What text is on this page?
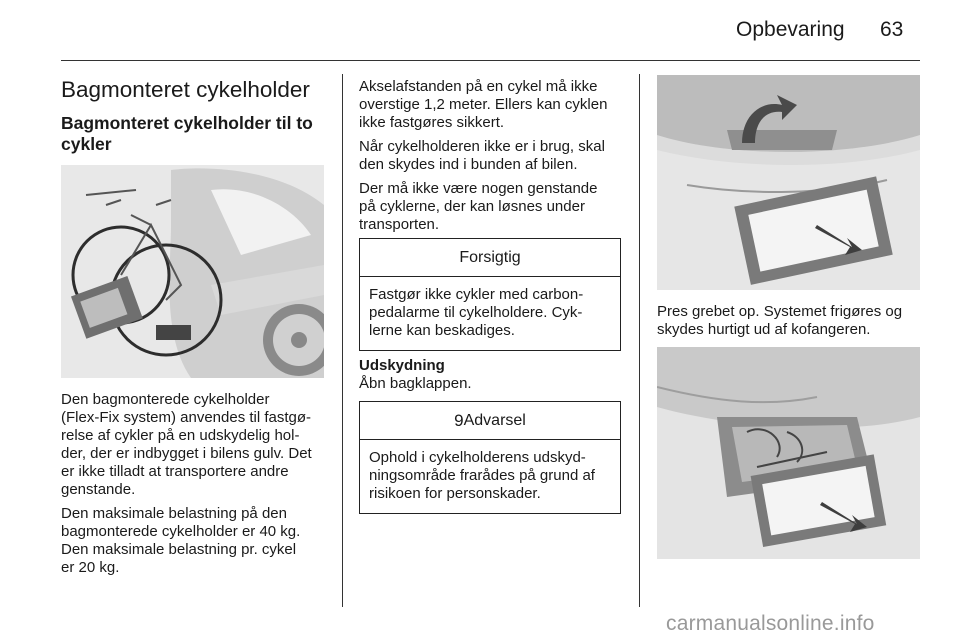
Opbevaring 63
Bagmonteret cykelholder
Bagmonteret cykelholder til to cykler

Den bagmonterede cykelholder
(Flex-Fix system) anvendes til fastgø-
relse af cykler på en udskydelig hol-
der, der er indbygget i bilens gulv. Det
er ikke tilladt at transportere andre
genstande.

Den maksimale belastning på den
bagmonterede cykelholder er 40 kg.
Den maksimale belastning pr. cykel
er 20 kg.

Akselafstanden på en cykel må ikke
overstige 1,2 meter. Ellers kan cyklen
ikke fastgøres sikkert.

Når cykelholderen ikke er i brug, skal
den skydes ind i bunden af bilen.

Der må ikke være nogen genstande
på cyklerne, der kan løsnes under
transporten.

Forsigtig
Fastgør ikke cykler med carbon-
pedalarme til cykelholdere. Cyk-
lerne kan beskadiges.
Udskydning
Åbn bagklappen.
9 Advarsel
Ophold i cykelholderens udskyd-
ningsområde frarådes på grund af
risikoen for personskader.
Pres grebet op. Systemet frigøres og
skydes hurtigt ud af kofangeren.
carmanualsonline.info
